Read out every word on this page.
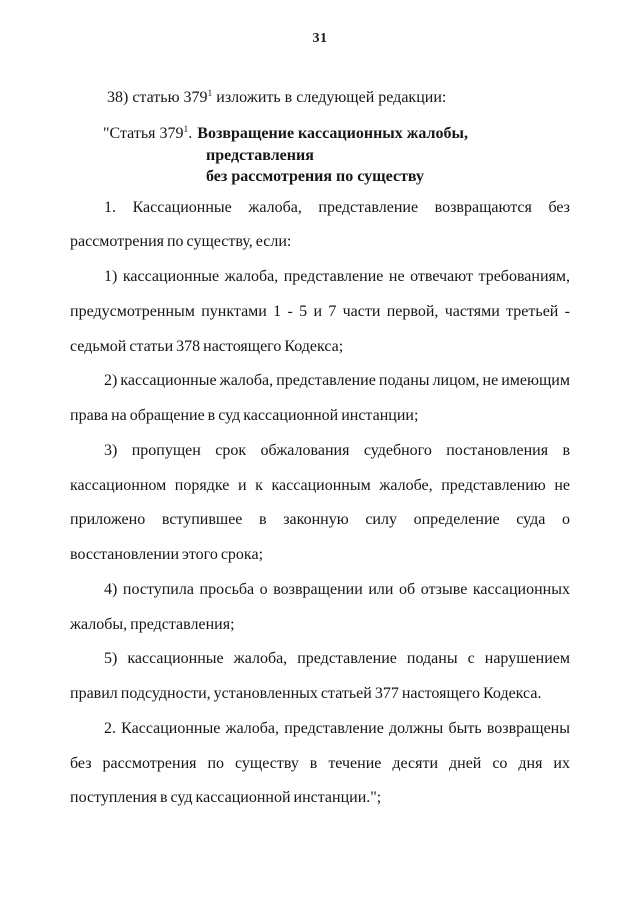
31

38) статью $379^1$ изложить в следующей редакции:

"Статья $379^1$. Возвращение кассационных жалобы, представления
без рассмотрения по существу

1. Кассационные жалоба, представление возвращаются без рассмотрения по существу, если:

1) кассационные жалоба, представление не отвечают требованиям, предусмотренным пунктами 1 - 5 и 7 части первой, частями третьей - седьмой статьи 378 настоящего Кодекса;

2) кассационные жалоба, представление поданы лицом, не имеющим права на обращение в суд кассационной инстанции;

3) пропущен срок обжалования судебного постановления в кассационном порядке и к кассационным жалобе, представлению не приложено вступившее в законную силу определение суда о восстановлении этого срока;

4) поступила просьба о возвращении или об отзыве кассационных жалобы, представления;

5) кассационные жалоба, представление поданы с нарушением правил подсудности, установленных статьей 377 настоящего Кодекса.

2. Кассационные жалоба, представление должны быть возвращены без рассмотрения по существу в течение десяти дней со дня их поступления в суд кассационной инстанции.";
